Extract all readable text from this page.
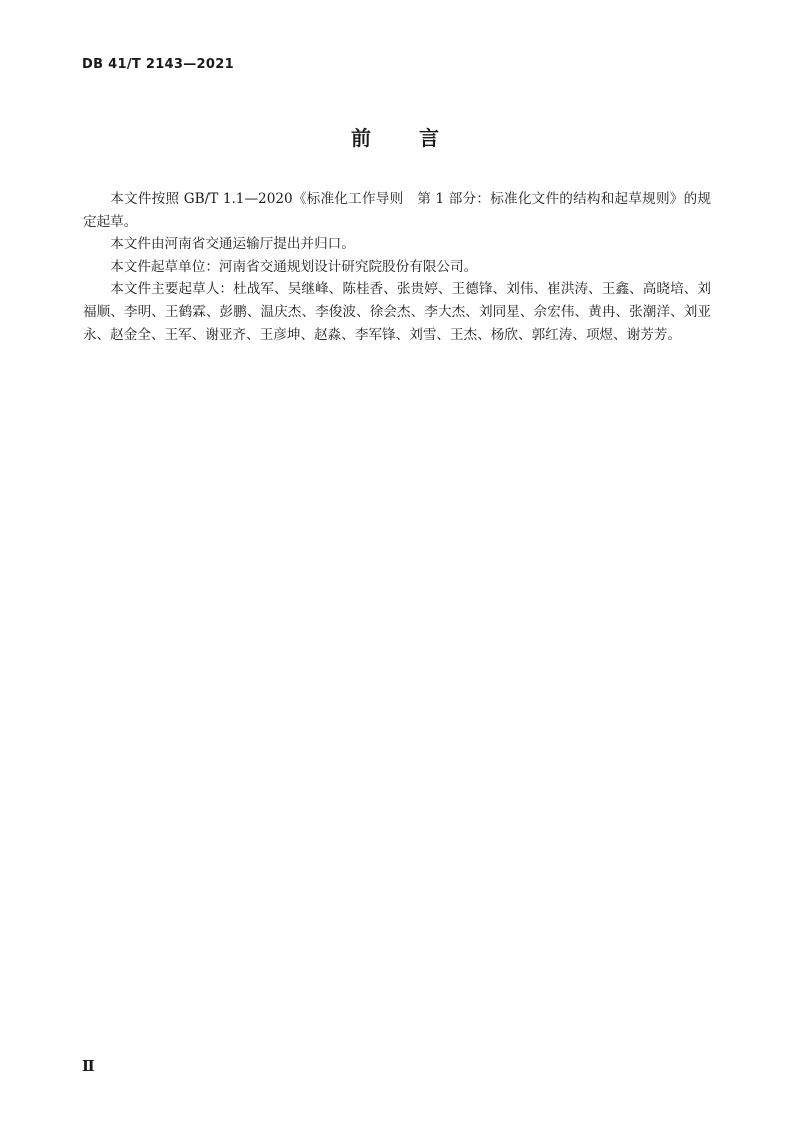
DB 41/T 2143—2021
前言

本文件按照 GB/T 1.1—2020《标准化工作导则　第 1 部分：标准化文件的结构和起草规则》的规定起草。

本文件由河南省交通运输厅提出并归口。

本文件起草单位：河南省交通规划设计研究院股份有限公司。

本文件主要起草人：杜战军、吴继峰、陈桂香、张贵婷、王德锋、刘伟、崔洪涛、王鑫、高晓培、刘福顺、李明、王鹤霖、彭鹏、温庆杰、李俊波、徐会杰、李大杰、刘同星、佘宏伟、黄冉、张潮洋、刘亚永、赵金全、王军、谢亚齐、王彦坤、赵淼、李军锋、刘雪、王杰、杨欣、郭红涛、项煜、谢芳芳。

Ⅱ
